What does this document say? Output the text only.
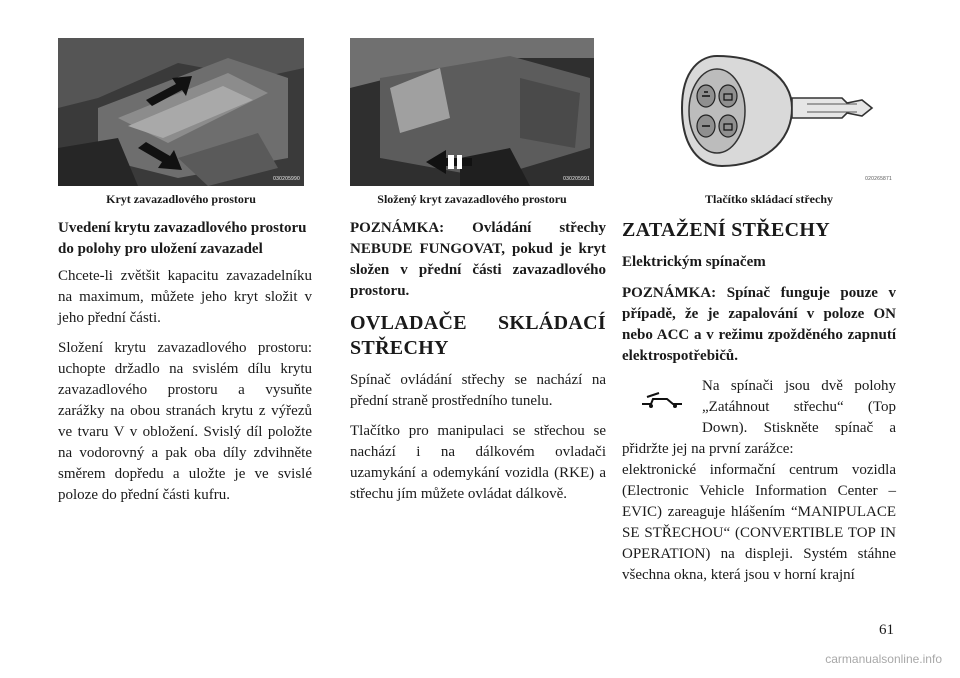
030205990
Kryt zavazadlového prostoru
030205991
Složený kryt zavazadlového prostoru
020265871
Tlačítko skládací střechy
Uvedení krytu zavazadlového prostoru do polohy pro uložení zavazadel

Chcete-li zvětšit kapacitu zavazadelníku na maximum, můžete jeho kryt složit v jeho přední části.

Složení krytu zavazadlového prostoru: uchopte držadlo na svislém dílu krytu zavazadlového prostoru a vysuňte zarážky na obou stranách krytu z výřezů ve tvaru V v obložení. Svislý díl položte na vodorovný a pak oba díly zdvihněte směrem dopředu a uložte je ve svislé poloze do přední části kufru.

POZNÁMKA: Ovládání střechy NEBUDE FUNGOVAT, pokud je kryt složen v přední části zavazadlového prostoru.

OVLADAČE SKLÁDACÍ STŘECHY

Spínač ovládání střechy se nachází na přední straně prostředního tunelu.

Tlačítko pro manipulaci se střechou se nachází i na dálkovém ovladači uzamykání a odemykání vozidla (RKE) a střechu jím můžete ovládat dálkově.

ZATAŽENÍ STŘECHY
Elektrickým spínačem

POZNÁMKA: Spínač funguje pouze v případě, že je zapalování v poloze ON nebo ACC a v režimu zpožděného zapnutí elektrospotřebičů.

Na spínači jsou dvě polohy „Zatáhnout střechu“ (Top Down). Stiskněte spínač a přidržte jej na první zarážce:

elektronické informační centrum vozidla (Electronic Vehicle Information Center – EVIC) zareaguje hlášením “MANIPULACE SE STŘECHOU“ (CONVERTIBLE TOP IN OPERATION) na displeji. Systém stáhne všechna okna, která jsou v horní krajní

61
carmanualsonline.info
